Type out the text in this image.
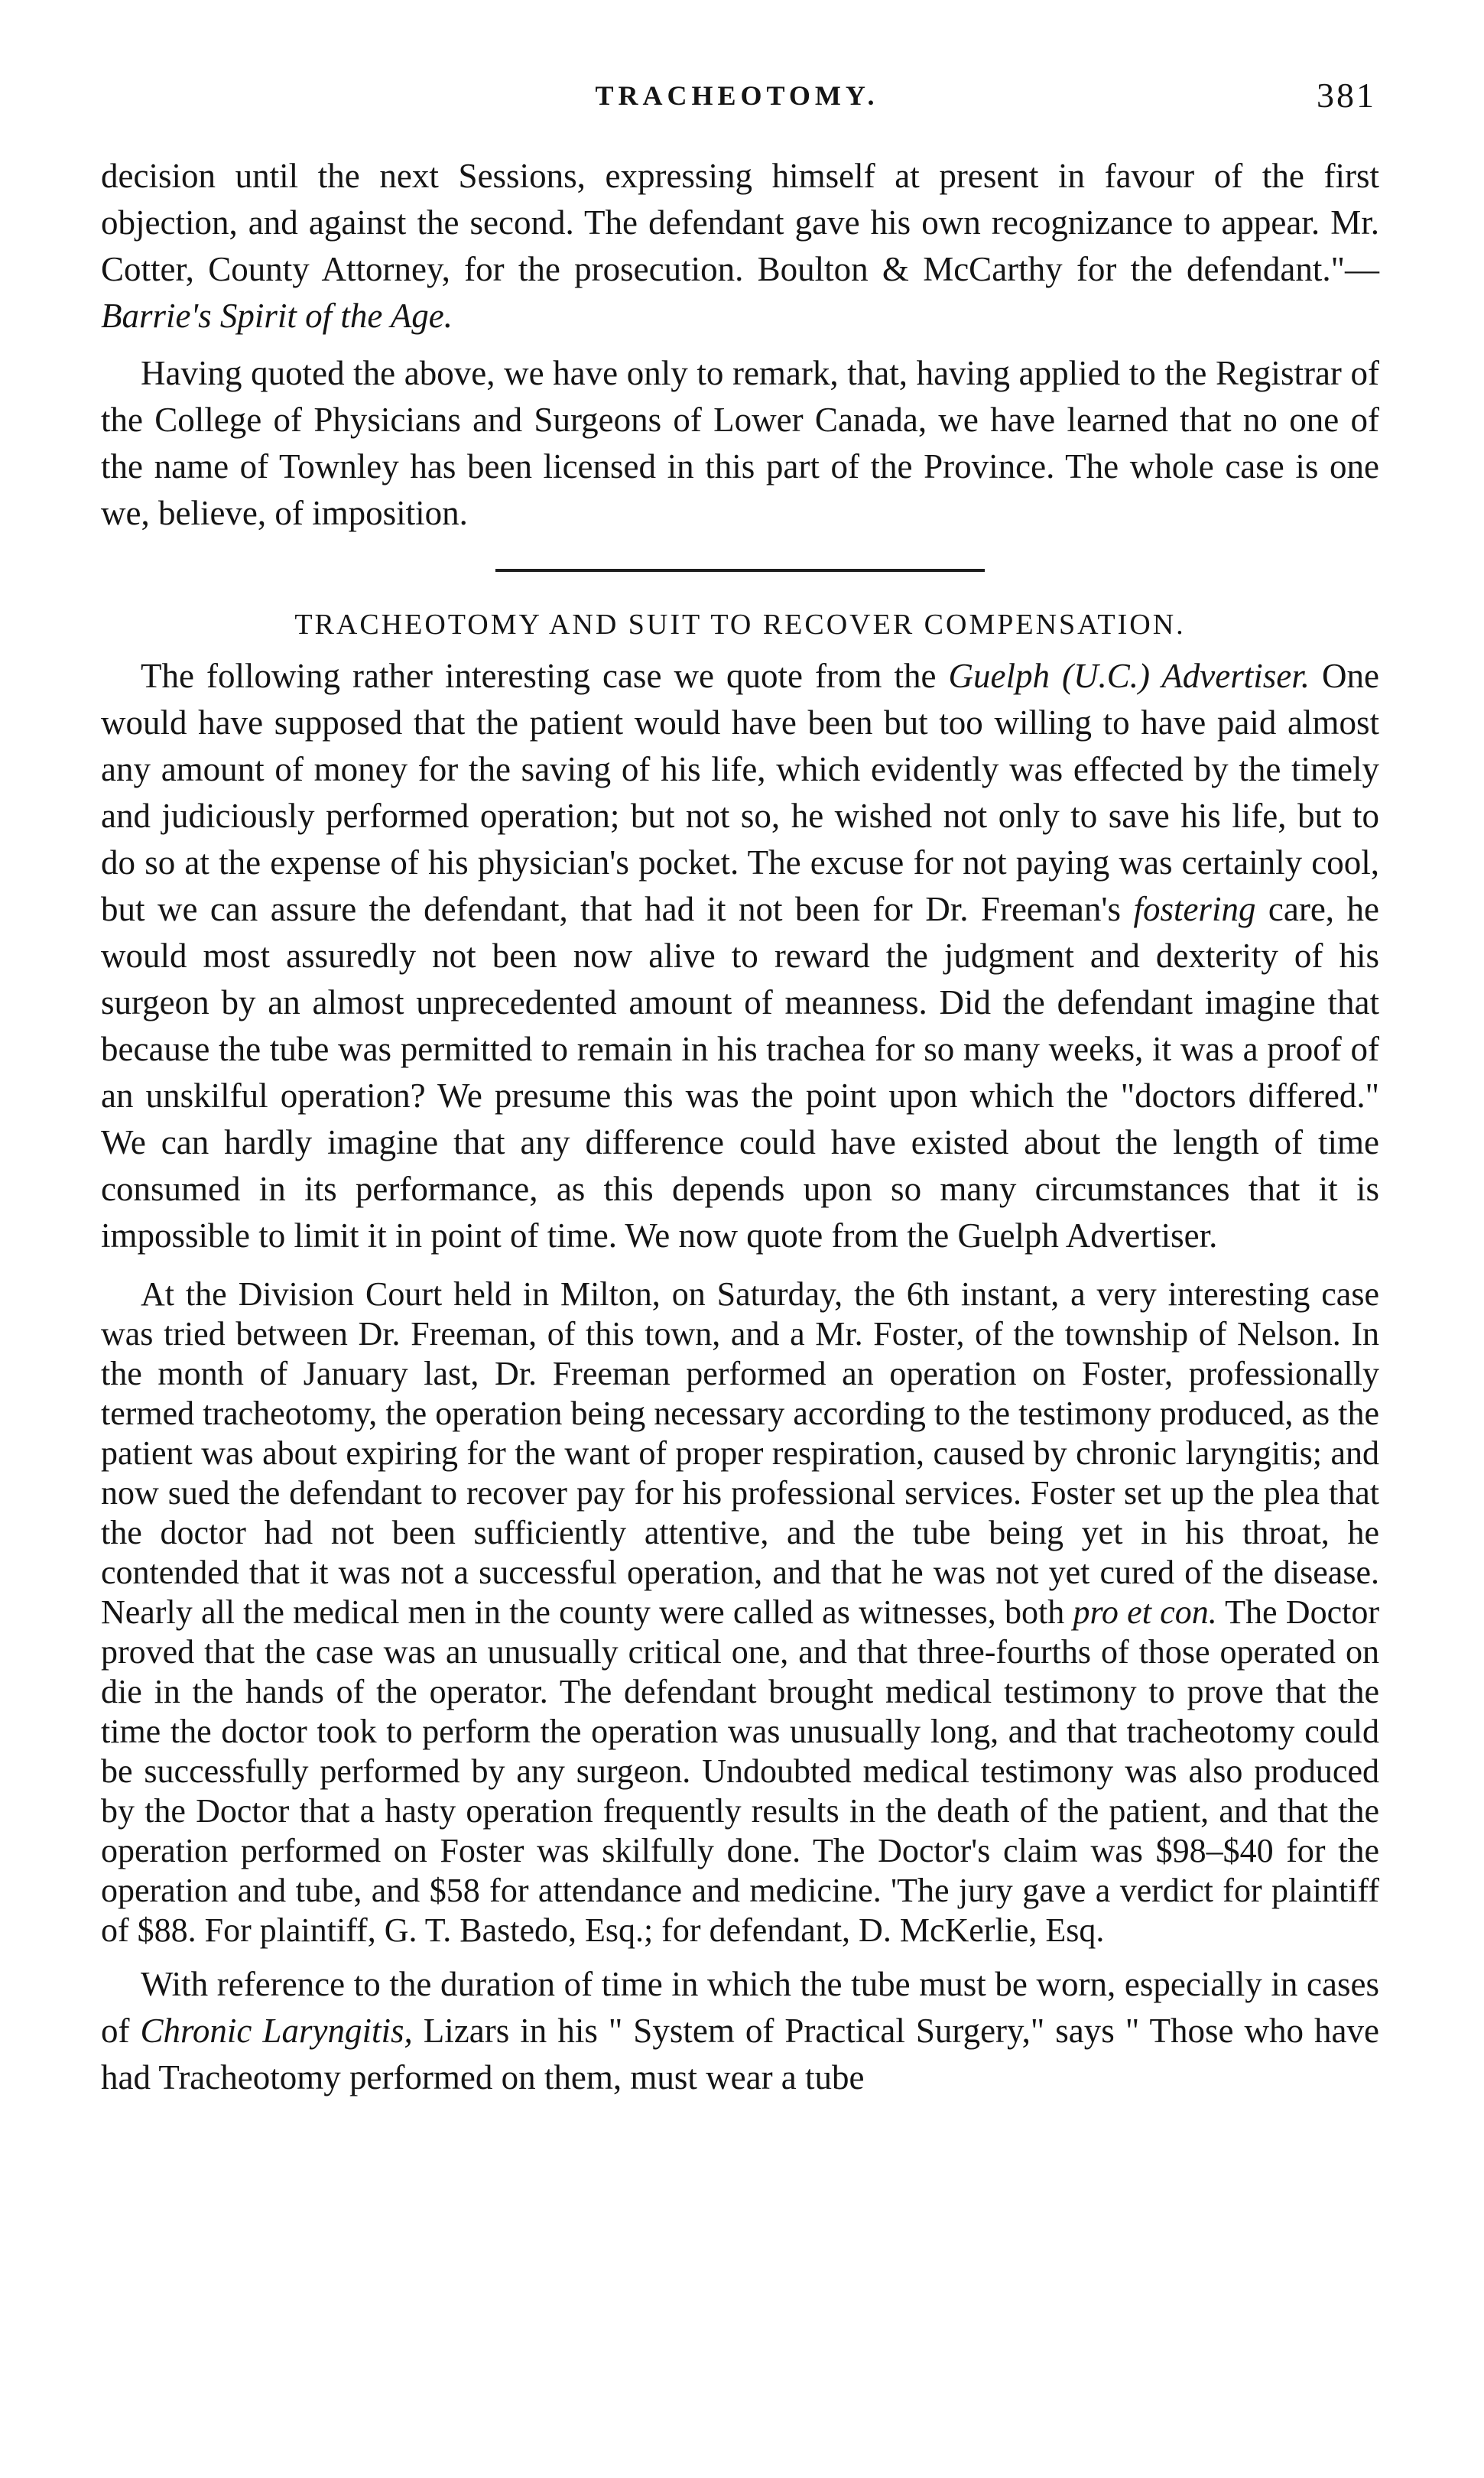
TRACHEOTOMY.	381

decision until the next Sessions, expressing himself at present in favour of the first objection, and against the second. The defendant gave his own recognizance to appear. Mr. Cotter, County Attorney, for the prosecution. Boulton & McCarthy for the defendant."—Barrie's Spirit of the Age.

Having quoted the above, we have only to remark, that, having applied to the Registrar of the College of Physicians and Surgeons of Lower Canada, we have learned that no one of the name of Townley has been licensed in this part of the Province. The whole case is one we, believe, of imposition.

TRACHEOTOMY AND SUIT TO RECOVER COMPENSATION.

The following rather interesting case we quote from the Guelph (U.C.) Advertiser. One would have supposed that the patient would have been but too willing to have paid almost any amount of money for the saving of his life, which evidently was effected by the timely and judiciously performed operation; but not so, he wished not only to save his life, but to do so at the expense of his physician's pocket. The excuse for not paying was certainly cool, but we can assure the defendant, that had it not been for Dr. Freeman's fostering care, he would most assuredly not been now alive to reward the judgment and dexterity of his surgeon by an almost unprecedented amount of meanness. Did the defendant imagine that because the tube was permitted to remain in his trachea for so many weeks, it was a proof of an unskilful operation? We presume this was the point upon which the "doctors differed." We can hardly imagine that any difference could have existed about the length of time consumed in its performance, as this depends upon so many circumstances that it is impossible to limit it in point of time. We now quote from the Guelph Advertiser.

At the Division Court held in Milton, on Saturday, the 6th instant, a very interesting case was tried between Dr. Freeman, of this town, and a Mr. Foster, of the township of Nelson. In the month of January last, Dr. Freeman performed an operation on Foster, professionally termed tracheotomy, the operation being necessary according to the testimony produced, as the patient was about expiring for the want of proper respiration, caused by chronic laryngitis; and now sued the defendant to recover pay for his professional services. Foster set up the plea that the doctor had not been sufficiently attentive, and the tube being yet in his throat, he contended that it was not a successful operation, and that he was not yet cured of the disease. Nearly all the medical men in the county were called as witnesses, both pro et con. The Doctor proved that the case was an unusually critical one, and that three-fourths of those operated on die in the hands of the operator. The defendant brought medical testimony to prove that the time the doctor took to perform the operation was unusually long, and that tracheotomy could be successfully performed by any surgeon. Undoubted medical testimony was also produced by the Doctor that a hasty operation frequently results in the death of the patient, and that the operation performed on Foster was skilfully done. The Doctor's claim was $98–$40 for the operation and tube, and $58 for attendance and medicine. 'The jury gave a verdict for plaintiff of $88. For plaintiff, G. T. Bastedo, Esq.; for defendant, D. McKerlie, Esq.

With reference to the duration of time in which the tube must be worn, especially in cases of Chronic Laryngitis, Lizars in his " System of Practical Surgery," says " Those who have had Tracheotomy performed on them, must wear a tube
